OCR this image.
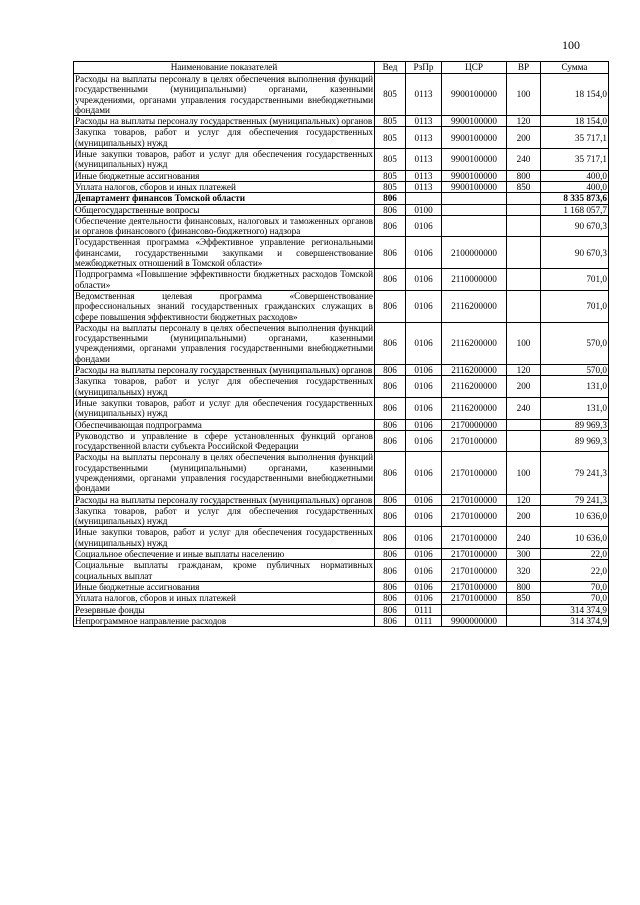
100
Наименование показателей	Вед	РзПр	ЦСР	ВР	Сумма
Расходы на выплаты персоналу в целях обеспечения выполнения функций государственными (муниципальными) органами, казенными учреждениями, органами управления государственными внебюджетными фондами	805	0113	9900100000	100	18 154,0
Расходы на выплаты персоналу государственных (муниципальных) органов	805	0113	9900100000	120	18 154,0
Закупка товаров, работ и услуг для обеспечения государственных (муниципальных) нужд	805	0113	9900100000	200	35 717,1
Иные закупки товаров, работ и услуг для обеспечения государственных (муниципальных) нужд	805	0113	9900100000	240	35 717,1
Иные бюджетные ассигнования	805	0113	9900100000	800	400,0
Уплата налогов, сборов и иных платежей	805	0113	9900100000	850	400,0
Департамент финансов Томской области	806				8 335 873,6
Общегосударственные вопросы	806	0100			1 168 057,7
Обеспечение деятельности финансовых, налоговых и таможенных органов и органов финансового (финансово-бюджетного) надзора	806	0106			90 670,3
Государственная программа «Эффективное управление региональными финансами, государственными закупками и совершенствование межбюджетных отношений в Томской области»	806	0106	2100000000		90 670,3
Подпрограмма «Повышение эффективности бюджетных расходов Томской области»	806	0106	2110000000		701,0
Ведомственная целевая программа «Совершенствование профессиональных знаний государственных гражданских служащих в сфере повышения эффективности бюджетных расходов»	806	0106	2116200000		701,0
Расходы на выплаты персоналу в целях обеспечения выполнения функций государственными (муниципальными) органами, казенными учреждениями, органами управления государственными внебюджетными фондами	806	0106	2116200000	100	570,0
Расходы на выплаты персоналу государственных (муниципальных) органов	806	0106	2116200000	120	570,0
Закупка товаров, работ и услуг для обеспечения государственных (муниципальных) нужд	806	0106	2116200000	200	131,0
Иные закупки товаров, работ и услуг для обеспечения государственных (муниципальных) нужд	806	0106	2116200000	240	131,0
Обеспечивающая подпрограмма	806	0106	2170000000		89 969,3
Руководство и управление в сфере установленных функций органов государственной власти субъекта Российской Федерации	806	0106	2170100000		89 969,3
Расходы на выплаты персоналу в целях обеспечения выполнения функций государственными (муниципальными) органами, казенными учреждениями, органами управления государственными внебюджетными фондами	806	0106	2170100000	100	79 241,3
Расходы на выплаты персоналу государственных (муниципальных) органов	806	0106	2170100000	120	79 241,3
Закупка товаров, работ и услуг для обеспечения государственных (муниципальных) нужд	806	0106	2170100000	200	10 636,0
Иные закупки товаров, работ и услуг для обеспечения государственных (муниципальных) нужд	806	0106	2170100000	240	10 636,0
Социальное обеспечение и иные выплаты населению	806	0106	2170100000	300	22,0
Социальные выплаты гражданам, кроме публичных нормативных социальных выплат	806	0106	2170100000	320	22,0
Иные бюджетные ассигнования	806	0106	2170100000	800	70,0
Уплата налогов, сборов и иных платежей	806	0106	2170100000	850	70,0
Резервные фонды	806	0111			314 374,9
Непрограммное направление расходов	806	0111	9900000000		314 374,9
